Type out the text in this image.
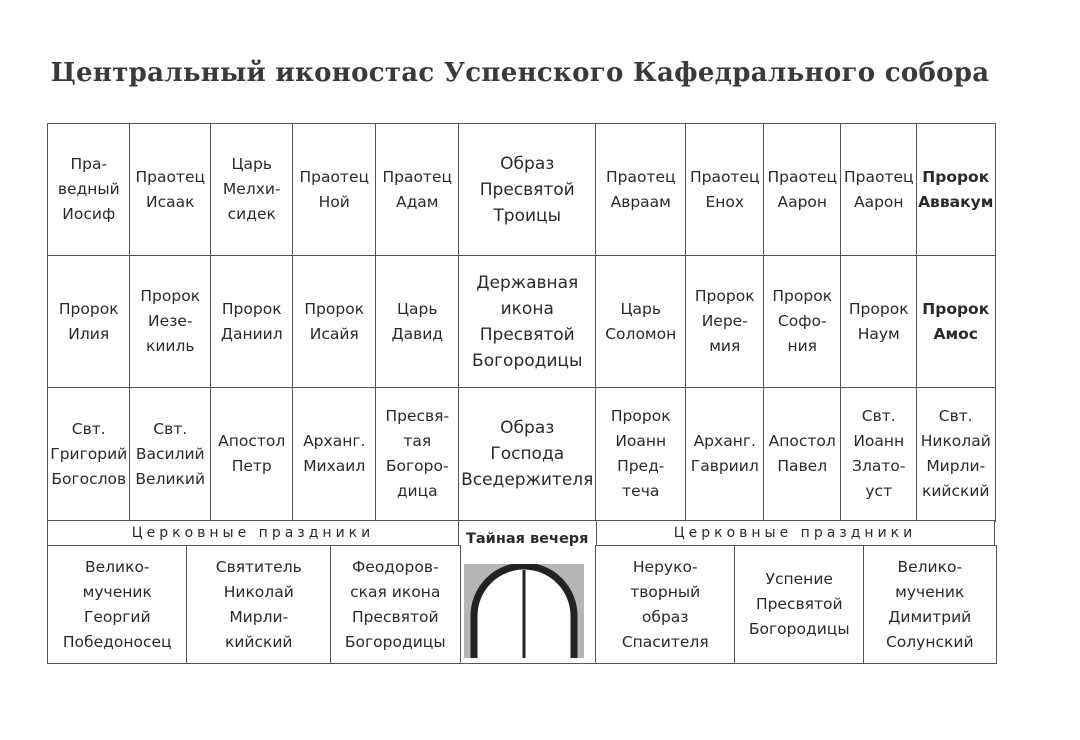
Центральный иконостас Успенского Кафедрального собора
Пра-
ведный
Иосиф
Праотец
Исаак
Царь
Мелхи-
сидек
Праотец
Ной
Праотец
Адам
Образ
Пресвятой
Троицы
Праотец
Авраам
Праотец
Енох
Праотец
Аарон
Праотец
Аарон
Пророк
Аввакум
Пророк
Илия
Пророк
Иезе-
кииль
Пророк
Даниил
Пророк
Исайя
Царь
Давид
Державная
икона
Пресвятой
Богородицы
Царь
Соломон
Пророк
Иере-
мия
Пророк
Софо-
ния
Пророк
Наум
Пророк
Амос
Свт.
Григорий
Богослов
Свт.
Василий
Великий
Апостол
Петр
Арханг.
Михаил
Пресвя-
тая
Богоро-
дица
Образ
Господа
Вседержителя
Пророк
Иоанн
Пред-
теча
Арханг.
Гавриил
Апостол
Павел
Свт.
Иоанн
Злато-
уст
Свт.
Николай
Мирли-
кийский
Церковные праздники	Церковные праздники
Тайная вечеря
Велико-
мученик
Георгий
Победоносец
Святитель
Николай
Мирли-
кийский
Феодоров-
ская икона
Пресвятой
Богородицы
Неруко-
творный
образ
Спасителя
Успение
Пресвятой
Богородицы
Велико-
мученик
Димитрий
Солунский
